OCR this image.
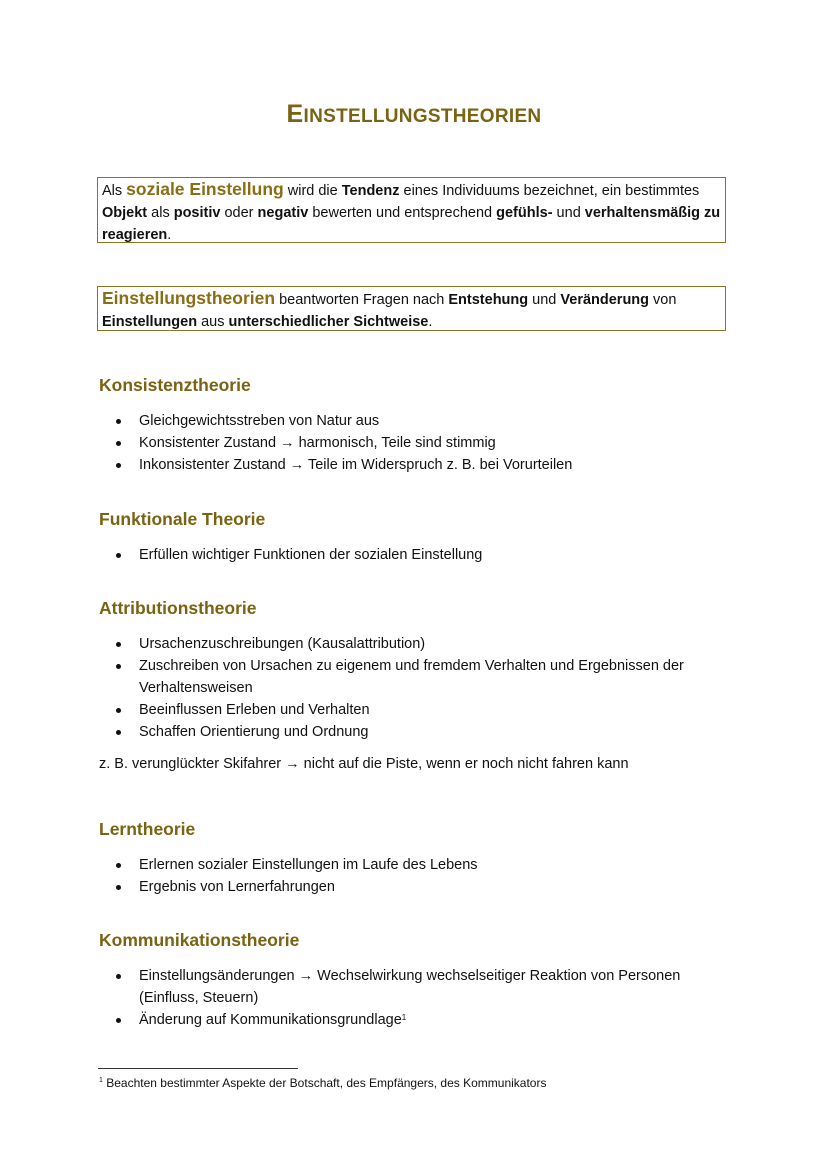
EINSTELLUNGSTHEORIEN
Als soziale Einstellung wird die Tendenz eines Individuums bezeichnet, ein bestimmtes Objekt als positiv oder negativ bewerten und entsprechend gefühls- und verhaltensmäßig zu reagieren.
Einstellungstheorien beantworten Fragen nach Entstehung und Veränderung von Einstellungen aus unterschiedlicher Sichtweise.
Konsistenztheorie
Gleichgewichtsstreben von Natur aus
Konsistenter Zustand → harmonisch, Teile sind stimmig
Inkonsistenter Zustand → Teile im Widerspruch z. B. bei Vorurteilen
Funktionale Theorie
Erfüllen wichtiger Funktionen der sozialen Einstellung
Attributionstheorie
Ursachenzuschreibungen (Kausalattribution)
Zuschreiben von Ursachen zu eigenem und fremdem Verhalten und Ergebnissen der Verhaltensweisen
Beeinflussen Erleben und Verhalten
Schaffen Orientierung und Ordnung
z. B. verunglückter Skifahrer → nicht auf die Piste, wenn er noch nicht fahren kann
Lerntheorie
Erlernen sozialer Einstellungen im Laufe des Lebens
Ergebnis von Lernerfahrungen
Kommunikationstheorie
Einstellungsänderungen → Wechselwirkung wechselseitiger Reaktion von Personen (Einfluss, Steuern)
Änderung auf Kommunikationsgrundlage$^1$
$^1$ Beachten bestimmter Aspekte der Botschaft, des Empfängers, des Kommunikators
